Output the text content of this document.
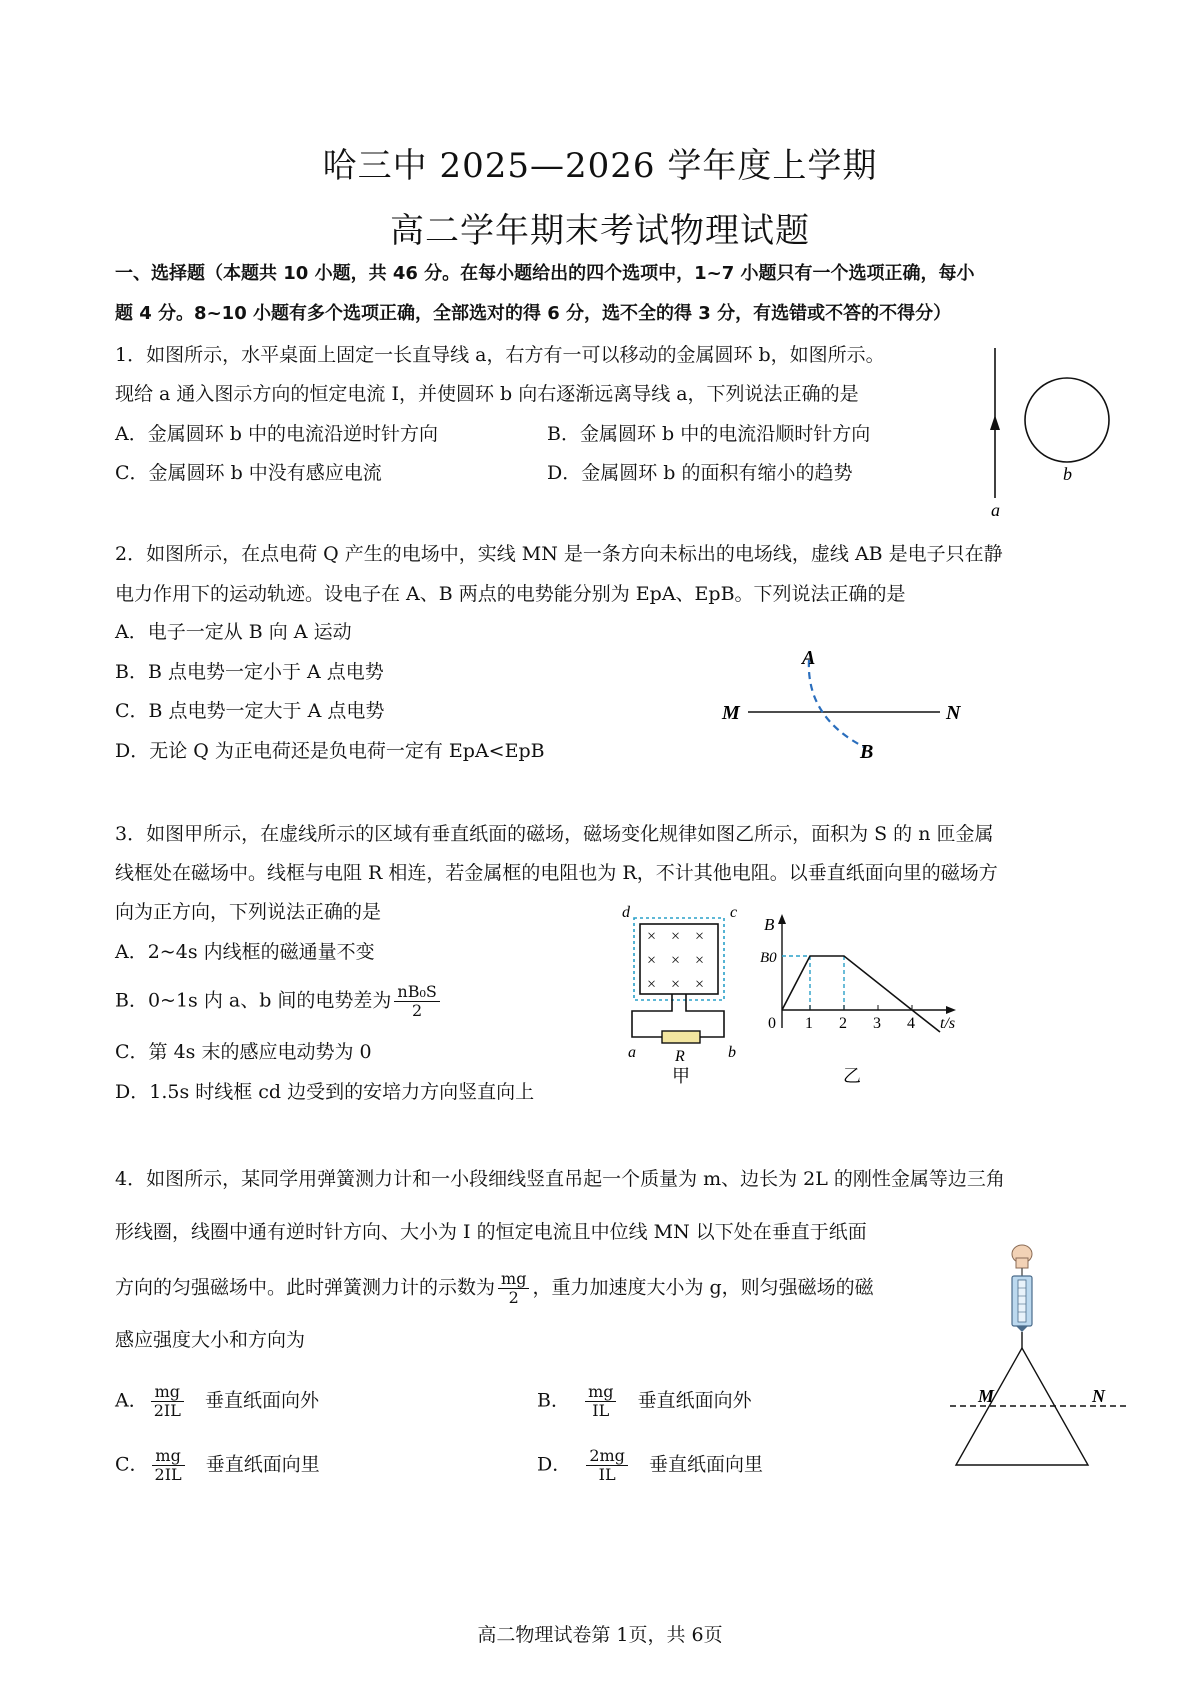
哈三中 2025—2026 学年度上学期
高二学年期末考试物理试题
一、选择题（本题共 10 小题，共 46 分。在每小题给出的四个选项中，1~7 小题只有一个选项正确，每小
题 4 分。8~10 小题有多个选项正确，全部选对的得 6 分，选不全的得 3 分，有选错或不答的不得分）
1．如图所示，水平桌面上固定一长直导线 a，右方有一可以移动的金属圆环 b，如图所示。
现给 a 通入图示方向的恒定电流 I，并使圆环 b 向右逐渐远离导线 a，下列说法正确的是
A．金属圆环 b 中的电流沿逆时针方向	B．金属圆环 b 中的电流沿顺时针方向
C．金属圆环 b 中没有感应电流	D．金属圆环 b 的面积有缩小的趋势
a
b
2．如图所示，在点电荷 Q 产生的电场中，实线 MN 是一条方向未标出的电场线，虚线 AB 是电子只在静
电力作用下的运动轨迹。设电子在 A、B 两点的电势能分别为 EpA、EpB。下列说法正确的是
A．电子一定从 B 向 A 运动
B．B 点电势一定小于 A 点电势
C．B 点电势一定大于 A 点电势
D．无论 Q 为正电荷还是负电荷一定有 EpA<EpB
A
B
M	N
3．如图甲所示，在虚线所示的区域有垂直纸面的磁场，磁场变化规律如图乙所示，面积为 S 的 n 匝金属
线框处在磁场中。线框与电阻 R 相连，若金属框的电阻也为 R，不计其他电阻。以垂直纸面向里的磁场方
向为正方向，下列说法正确的是
A．2~4s 内线框的磁通量不变
B．0~1s 内 a、b 间的电势差为 $\frac{\text{nB₀S}}{2}$
C．第 4s 末的感应电动势为 0
D．1.5s 时线框 cd 边受到的安培力方向竖直向上
× × ×
× × ×
× × ×
d	c
a	b
R
甲
B
B0
0 1 2 3 4 t/s
乙
4．如图所示，某同学用弹簧测力计和一小段细线竖直吊起一个质量为 m、边长为 2L 的刚性金属等边三角
形线圈，线圈中通有逆时针方向、大小为 I 的恒定电流且中位线 MN 以下处在垂直于纸面
方向的匀强磁场中。此时弹簧测力计的示数为 $\frac{mg}{2}$ ，重力加速度大小为 g，则匀强磁场的磁
感应强度大小和方向为
A． $\frac{mg}{2IL}$ 垂直纸面向外	B． $\frac{mg}{IL}$ 垂直纸面向外
C． $\frac{mg}{2IL}$ 垂直纸面向里	D． $\frac{2mg}{IL}$ 垂直纸面向里
M	N
高二物理试卷第 1页，共 6页
